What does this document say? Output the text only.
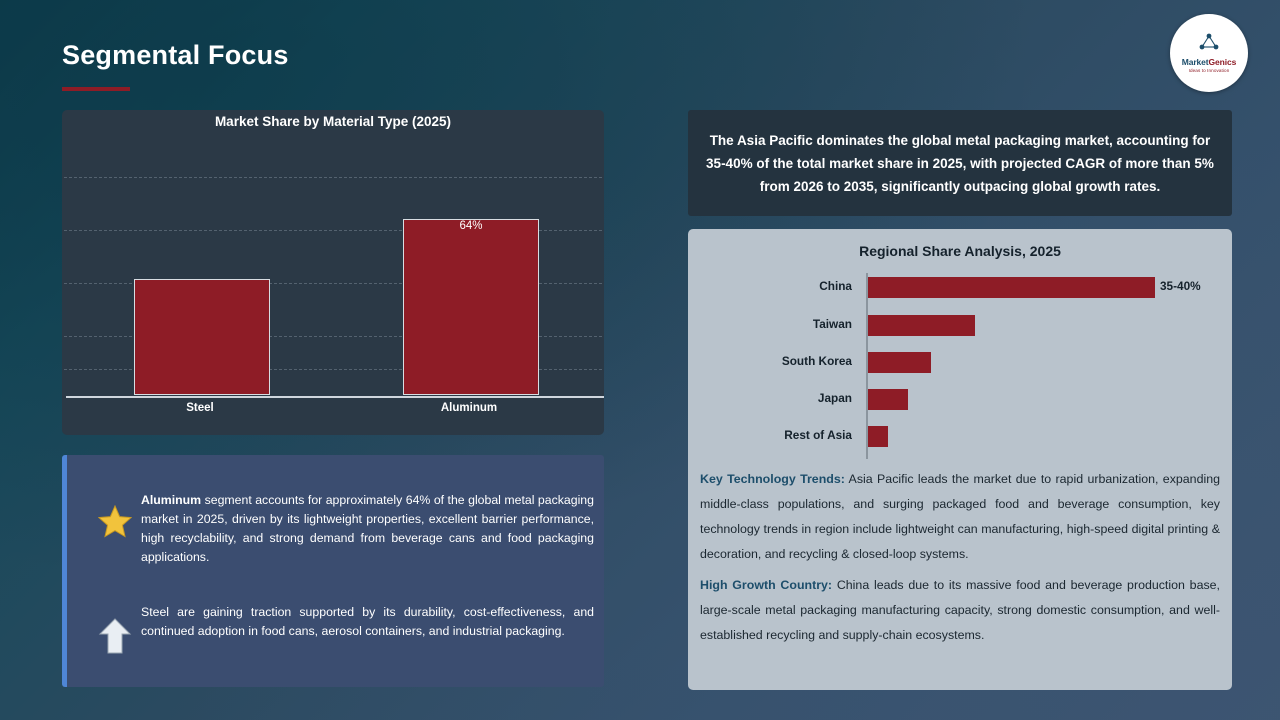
Segmental Focus	MarketGenics
Ideas to Innovation
Market Share by Material Type (2025)
64%
Steel	Aluminum
Aluminum segment accounts for approximately 64% of the global metal packaging market in 2025, driven by its lightweight properties, excellent barrier performance, high recyclability, and strong demand from beverage cans and food packaging applications.
Steel are gaining traction supported by its durability, cost-effectiveness, and continued adoption in food cans, aerosol containers, and industrial packaging.
The Asia Pacific dominates the global metal packaging market, accounting for 35-40% of the total market share in 2025, with projected CAGR of more than 5% from 2026 to 2035, significantly outpacing global growth rates.
Regional Share Analysis, 2025
China	35-40%
Taiwan
South Korea
Japan
Rest of Asia
Key Technology Trends: Asia Pacific leads the market due to rapid urbanization, expanding middle-class populations, and surging packaged food and beverage consumption, key technology trends in region include lightweight can manufacturing, high-speed digital printing & decoration, and recycling & closed-loop systems.
High Growth Country: China leads due to its massive food and beverage production base, large-scale metal packaging manufacturing capacity, strong domestic consumption, and well-established recycling and supply-chain ecosystems.
